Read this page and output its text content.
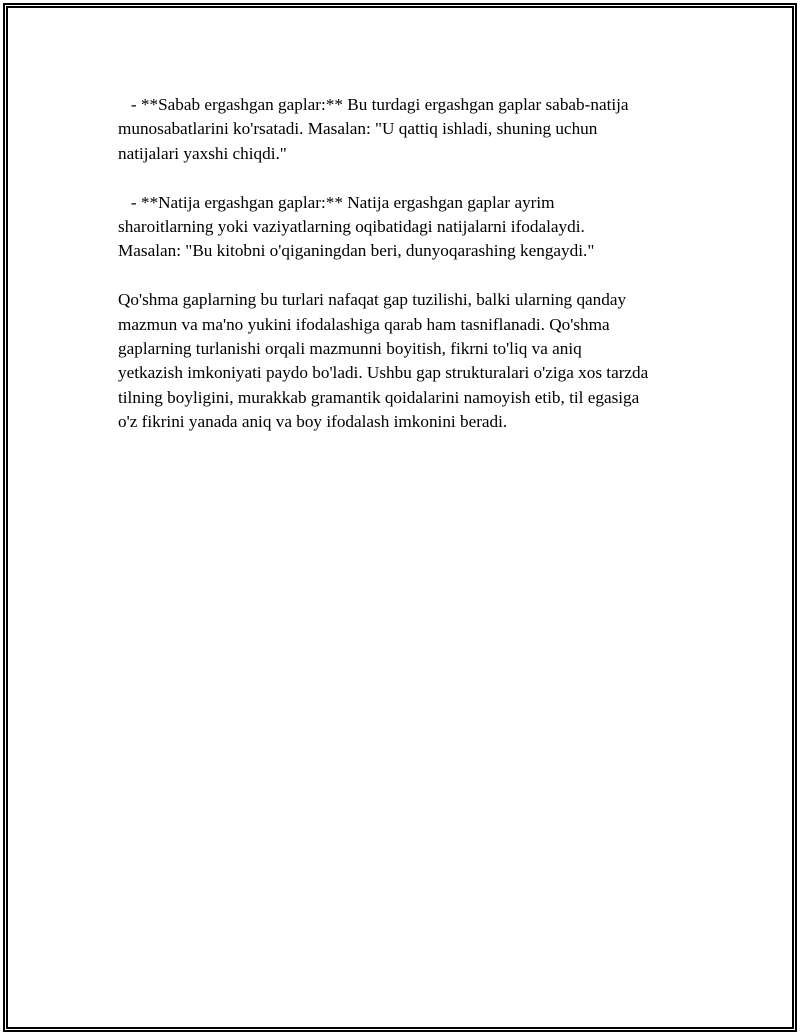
- **Sabab ergashgan gaplar:** Bu turdagi ergashgan gaplar sabab-natija
munosabatlarini ko'rsatadi. Masalan: "U qattiq ishladi, shuning uchun
natijalari yaxshi chiqdi."

- **Natija ergashgan gaplar:** Natija ergashgan gaplar ayrim
sharoitlarning yoki vaziyatlarning oqibatidagi natijalarni ifodalaydi.
Masalan: "Bu kitobni o'qiganingdan beri, dunyoqarashing kengaydi."

Qo'shma gaplarning bu turlari nafaqat gap tuzilishi, balki ularning qanday
mazmun va ma'no yukini ifodalashiga qarab ham tasniflanadi. Qo'shma
gaplarning turlanishi orqali mazmunni boyitish, fikrni to'liq va aniq
yetkazish imkoniyati paydo bo'ladi. Ushbu gap strukturalari o'ziga xos tarzda
tilning boyligini, murakkab gramantik qoidalarini namoyish etib, til egasiga
o'z fikrini yanada aniq va boy ifodalash imkonini beradi.
